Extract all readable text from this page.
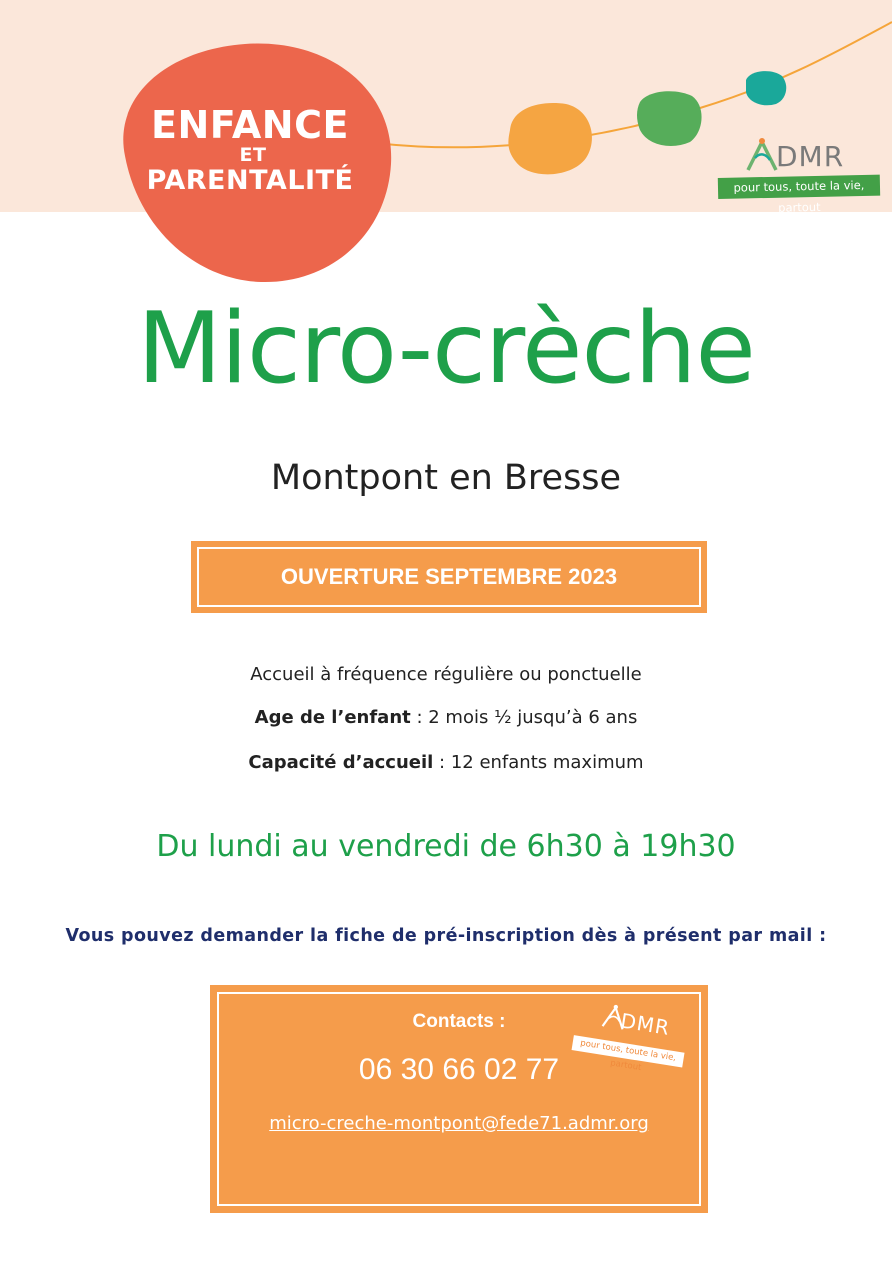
ENFANCE
ET
PARENTALITÉ
DMR
pour tous, toute la vie, partout
Micro-crèche
Montpont en Bresse
OUVERTURE SEPTEMBRE 2023
Accueil à fréquence régulière ou ponctuelle
Age de l’enfant : 2 mois ½ jusqu’à 6 ans
Capacité d’accueil : 12 enfants maximum
Du lundi au vendredi de 6h30 à 19h30
Vous pouvez demander la fiche de pré-inscription dès à présent par mail :
Contacts :
06 30 66 02 77
micro-creche-montpont@fede71.admr.org
DMR
pour tous, toute la vie, partout
